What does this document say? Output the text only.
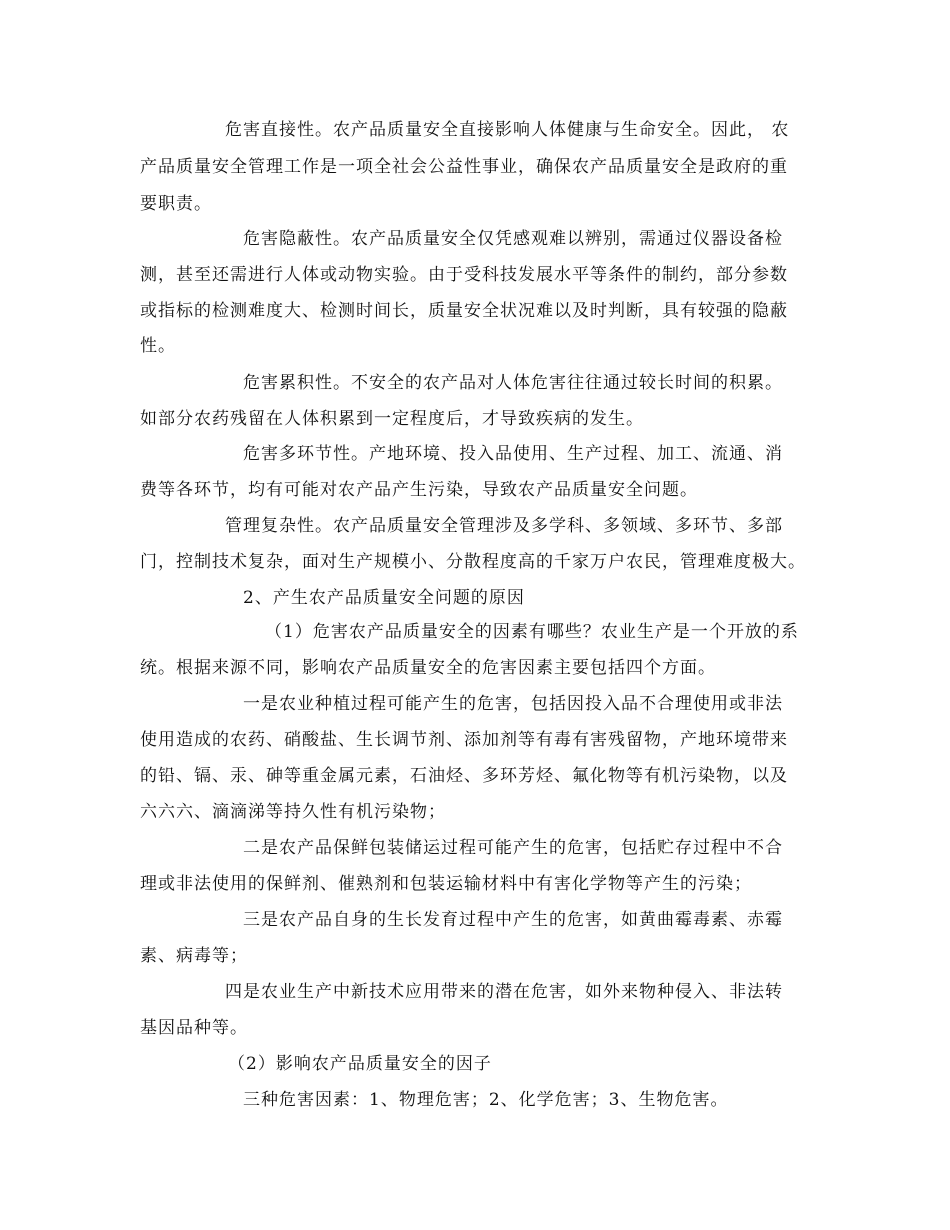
危害直接性。农产品质量安全直接影响人体健康与生命安全。因此， 农

产品质量安全管理工作是一项全社会公益性事业，确保农产品质量安全是政府的重

要职责。

危害隐蔽性。农产品质量安全仅凭感观难以辨别，需通过仪器设备检

测，甚至还需进行人体或动物实验。由于受科技发展水平等条件的制约，部分参数

或指标的检测难度大、检测时间长，质量安全状况难以及时判断，具有较强的隐蔽

性。

危害累积性。不安全的农产品对人体危害往往通过较长时间的积累。

如部分农药残留在人体积累到一定程度后，才导致疾病的发生。

危害多环节性。产地环境、投入品使用、生产过程、加工、流通、消

费等各环节，均有可能对农产品产生污染，导致农产品质量安全问题。

管理复杂性。农产品质量安全管理涉及多学科、多领域、多环节、多部

门，控制技术复杂，面对生产规模小、分散程度高的千家万户农民，管理难度极大。

2、产生农产品质量安全问题的原因

（1）危害农产品质量安全的因素有哪些？农业生产是一个开放的系

统。根据来源不同，影响农产品质量安全的危害因素主要包括四个方面。

一是农业种植过程可能产生的危害，包括因投入品不合理使用或非法

使用造成的农药、硝酸盐、生长调节剂、添加剂等有毒有害残留物，产地环境带来

的铅、镉、汞、砷等重金属元素，石油烃、多环芳烃、氟化物等有机污染物，以及

六六六、滴滴涕等持久性有机污染物；

二是农产品保鲜包装储运过程可能产生的危害，包括贮存过程中不合

理或非法使用的保鲜剂、催熟剂和包装运输材料中有害化学物等产生的污染；

三是农产品自身的生长发育过程中产生的危害，如黄曲霉毒素、赤霉

素、病毒等；

四是农业生产中新技术应用带来的潜在危害，如外来物种侵入、非法转

基因品种等。

（2）影响农产品质量安全的因子

三种危害因素：1、物理危害；2、化学危害；3、生物危害。
